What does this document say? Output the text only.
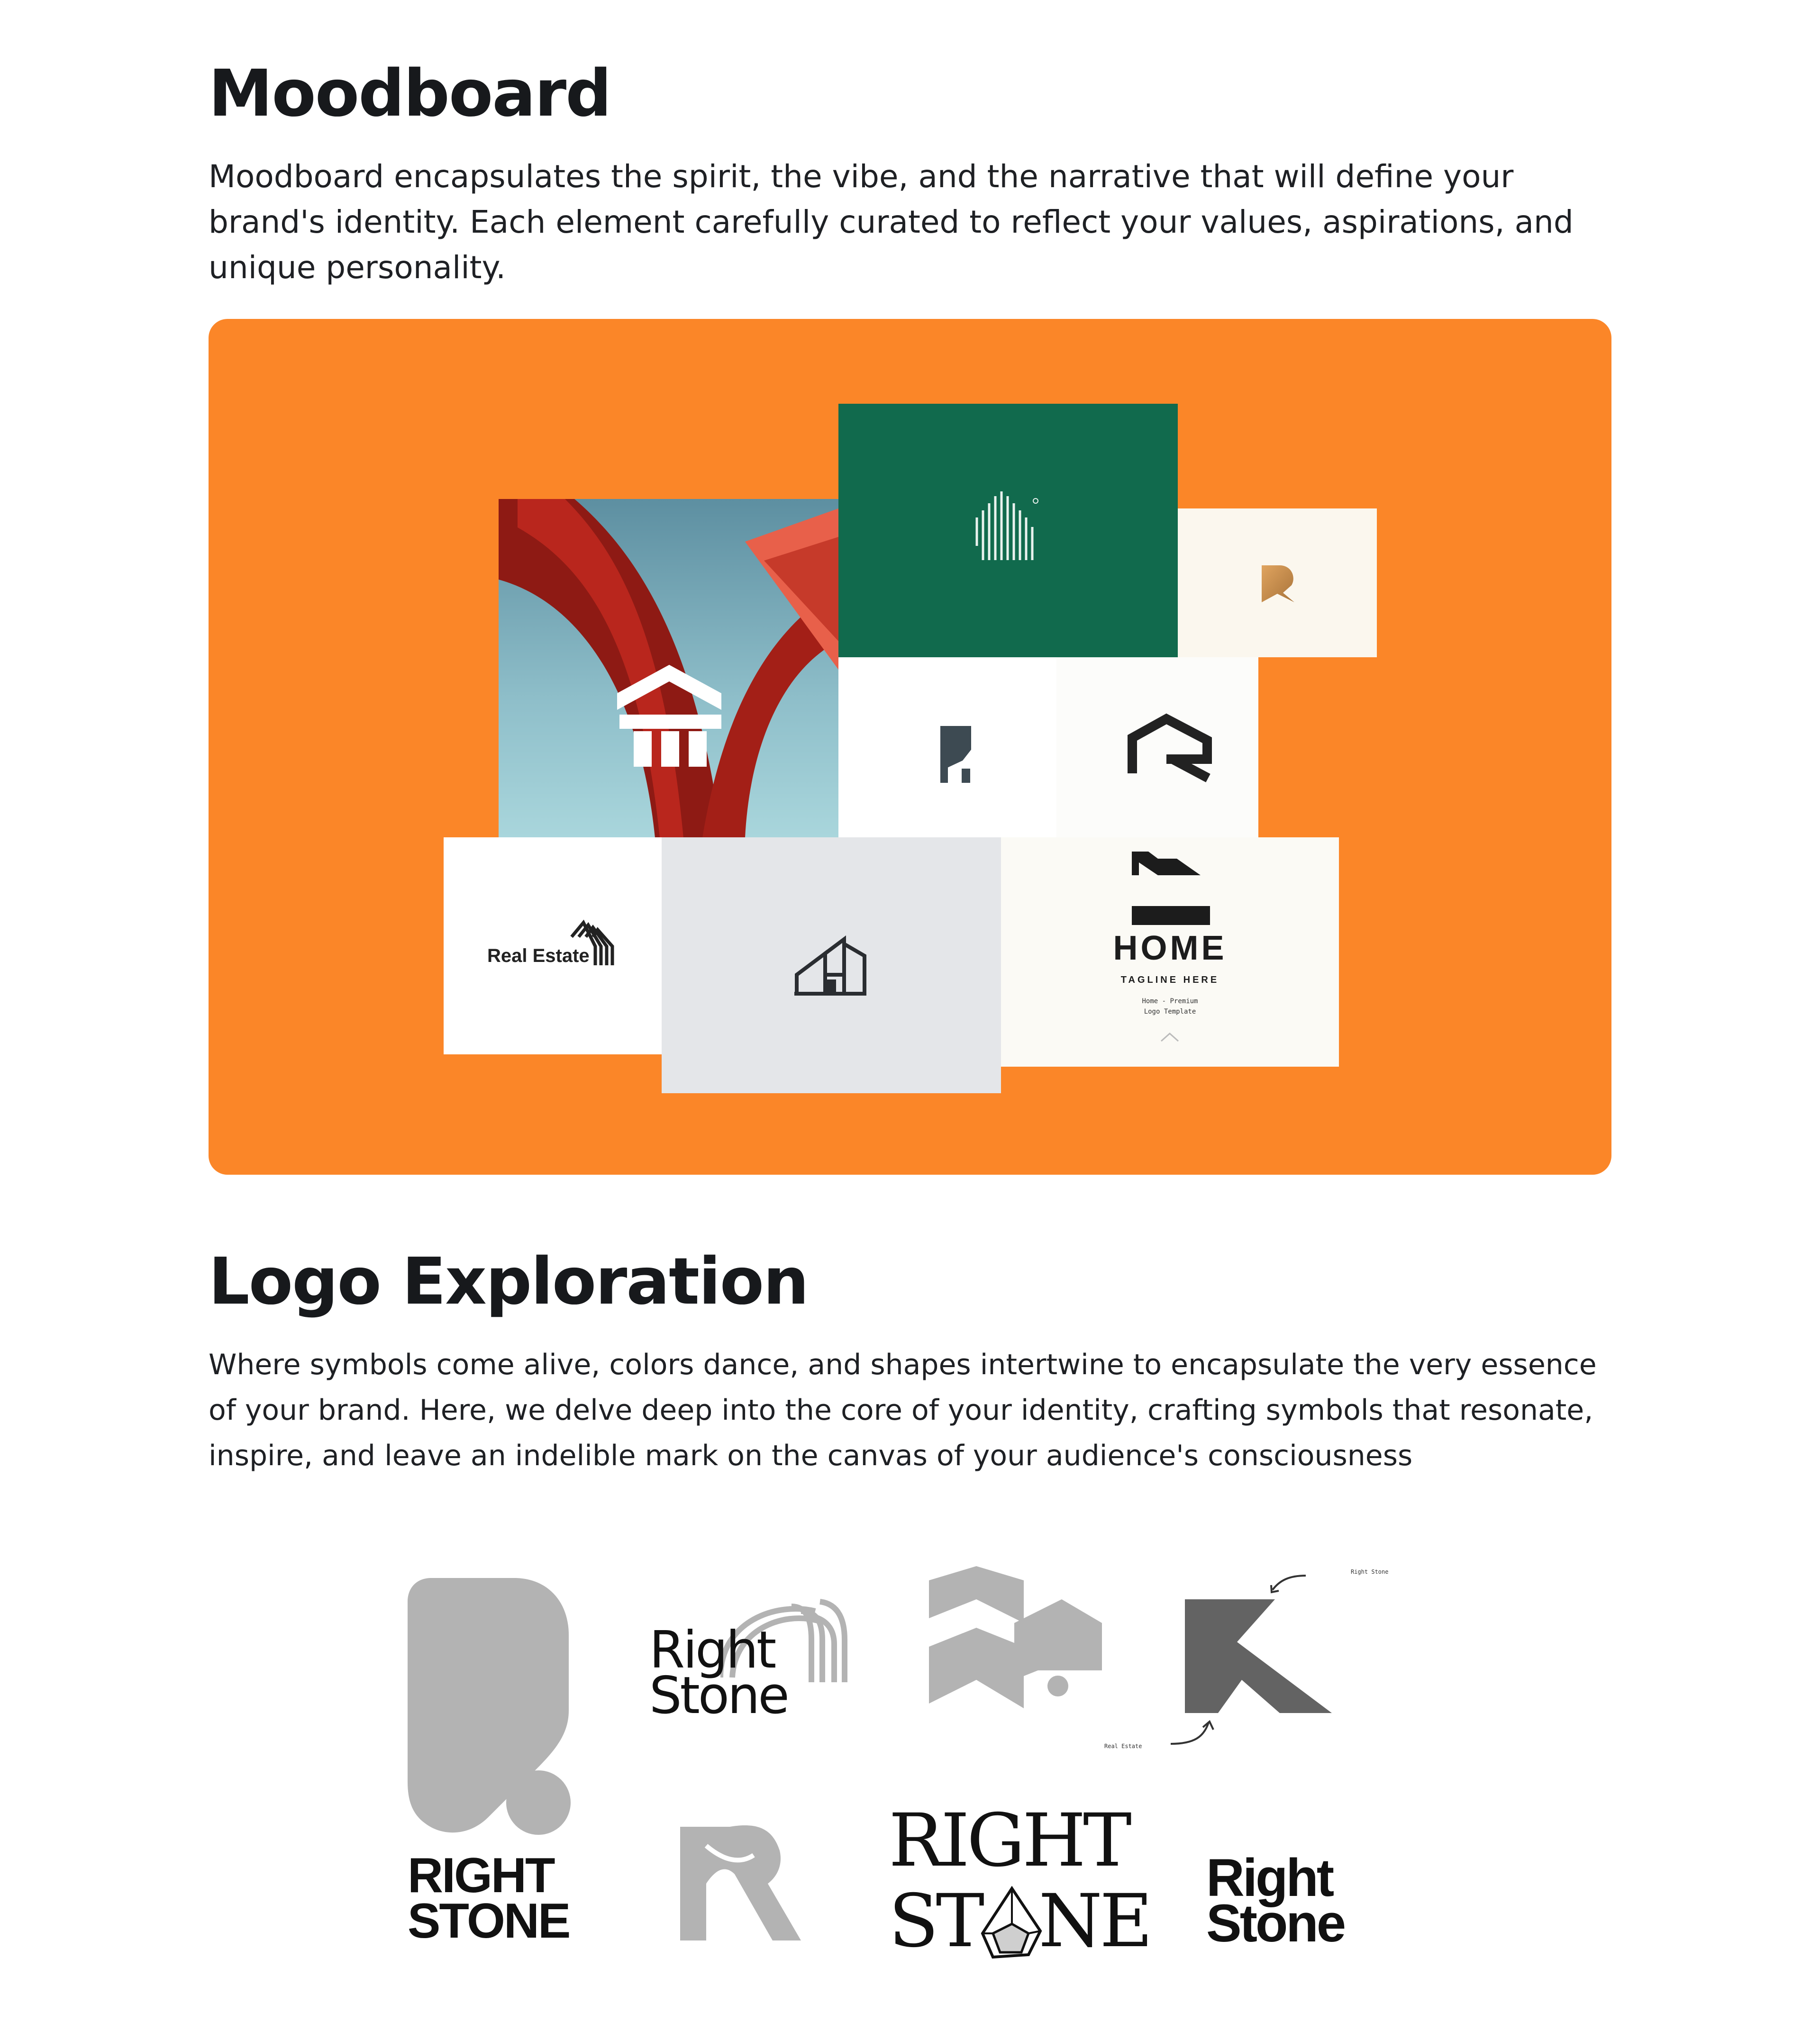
Moodboard

Moodboard encapsulates the spirit, the vibe, and the narrative that will define your brand's identity. Each element carefully curated to reflect your values, aspirations, and unique personality.

Real Estate	HOME
TAGLINE HERE
Home - Premium
Logo Template
Logo Exploration

Where symbols come alive, colors dance, and shapes intertwine to encapsulate the very essence of your brand. Here, we delve deep into the core of your identity, crafting symbols that resonate, inspire, and leave an indelible mark on the canvas of your audience's consciousness

Right
Stone
Right Stone
Real Estate
RIGHT
STONE
RIGHT
ST NE
Right
Stone
